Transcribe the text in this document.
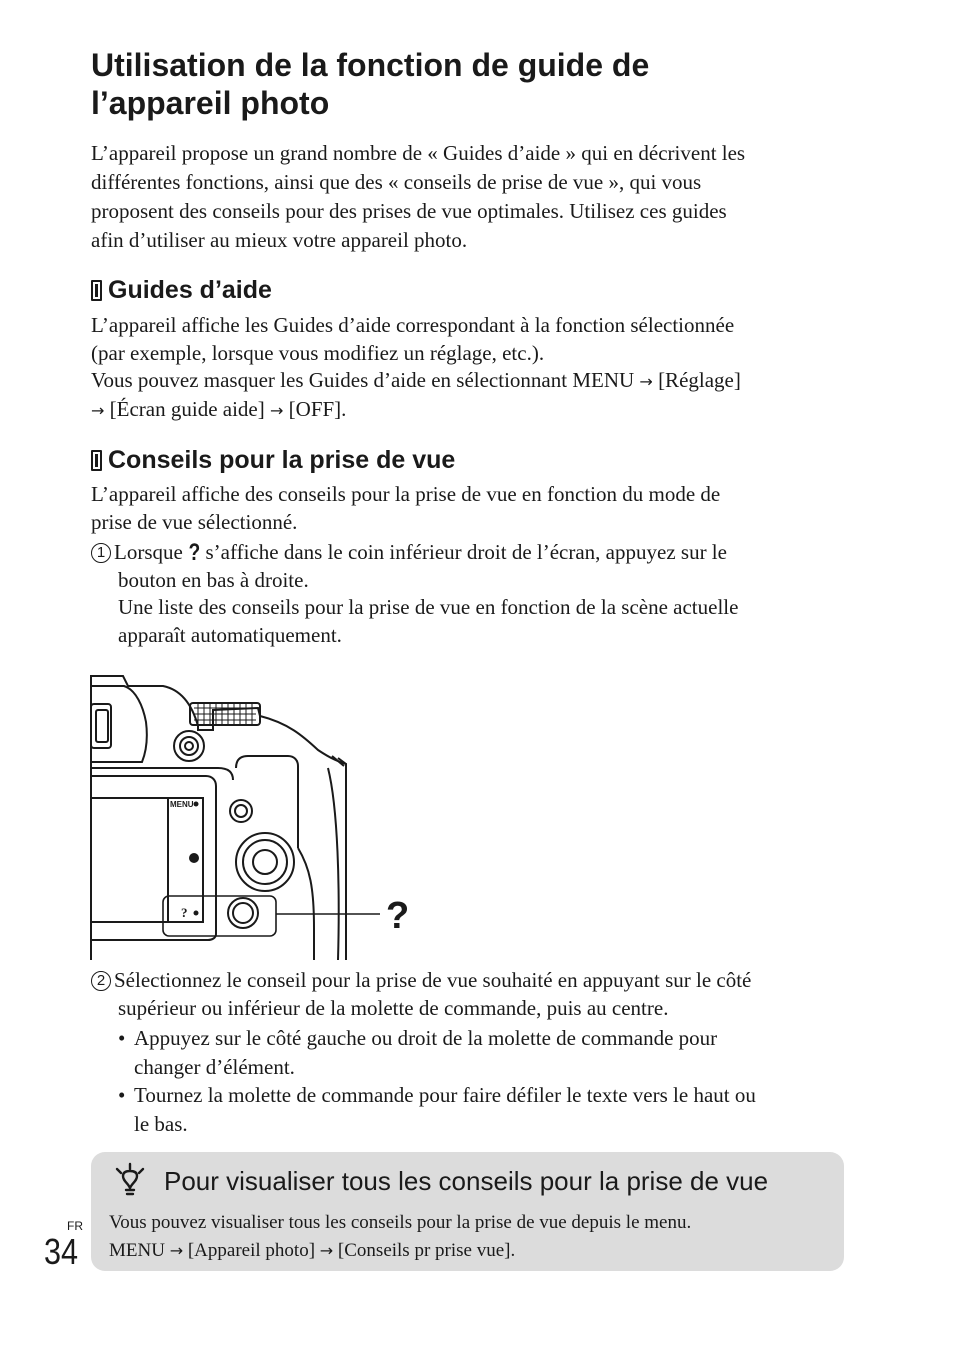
Utilisation de la fonction de guide de
l’appareil photo
L’appareil propose un grand nombre de « Guides d’aide » qui en décrivent les
différentes fonctions, ainsi que des « conseils de prise de vue », qui vous
proposent des conseils pour des prises de vue optimales. Utilisez ces guides
afin d’utiliser au mieux votre appareil photo.
Guides d’aide
L’appareil affiche les Guides d’aide correspondant à la fonction sélectionnée
(par exemple, lorsque vous modifiez un réglage, etc.).
Vous pouvez masquer les Guides d’aide en sélectionnant MENU → [Réglage]
→ [Écran guide aide] → [OFF].
Conseils pour la prise de vue
L’appareil affiche des conseils pour la prise de vue en fonction du mode de
prise de vue sélectionné.
1 Lorsque ? s’affiche dans le coin inférieur droit de l’écran, appuyez sur le
bouton en bas à droite.
Une liste des conseils pour la prise de vue en fonction de la scène actuelle
apparaît automatiquement.
MENU
?	?
2 Sélectionnez le conseil pour la prise de vue souhaité en appuyant sur le côté
supérieur ou inférieur de la molette de commande, puis au centre.
• Appuyez sur le côté gauche ou droit de la molette de commande pour
changer d’élément.
• Tournez la molette de commande pour faire défiler le texte vers le haut ou
le bas.
Pour visualiser tous les conseils pour la prise de vue
Vous pouvez visualiser tous les conseils pour la prise de vue depuis le menu.
MENU → [Appareil photo] → [Conseils pr prise vue].
FR
34
